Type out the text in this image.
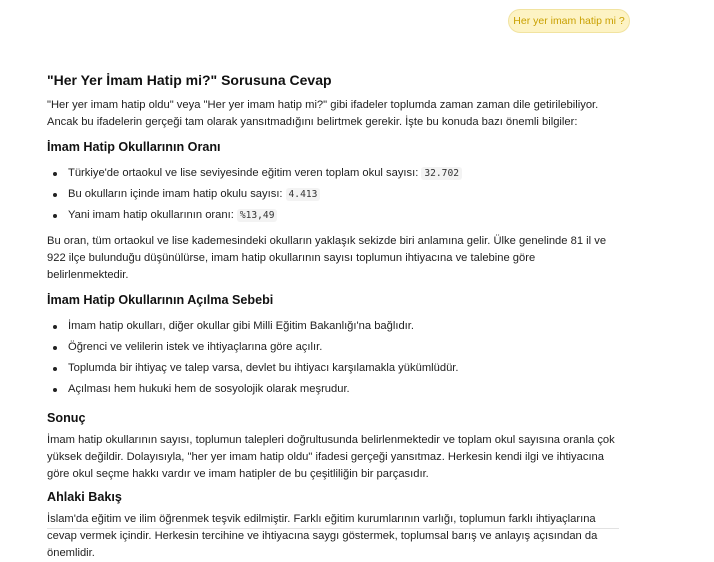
Her yer imam hatip mi ?
"Her Yer İmam Hatip mi?" Sorusuna Cevap

"Her yer imam hatip oldu" veya "Her yer imam hatip mi?" gibi ifadeler toplumda zaman zaman dile getirilebiliyor. Ancak bu ifadelerin gerçeği tam olarak yansıtmadığını belirtmek gerekir. İşte bu konuda bazı önemli bilgiler:

İmam Hatip Okullarının Oranı
Türkiye'de ortaokul ve lise seviyesinde eğitim veren toplam okul sayısı: 32.702
Bu okulların içinde imam hatip okulu sayısı: 4.413
Yani imam hatip okullarının oranı: %13,49

Bu oran, tüm ortaokul ve lise kademesindeki okulların yaklaşık sekizde biri anlamına gelir. Ülke genelinde 81 il ve 922 ilçe bulunduğu düşünülürse, imam hatip okullarının sayısı toplumun ihtiyacına ve talebine göre belirlenmektedir.

İmam Hatip Okullarının Açılma Sebebi
İmam hatip okulları, diğer okullar gibi Milli Eğitim Bakanlığı'na bağlıdır.
Öğrenci ve velilerin istek ve ihtiyaçlarına göre açılır.
Toplumda bir ihtiyaç ve talep varsa, devlet bu ihtiyacı karşılamakla yükümlüdür.
Açılması hem hukuki hem de sosyolojik olarak meşrudur.
Sonuç

İmam hatip okullarının sayısı, toplumun talepleri doğrultusunda belirlenmektedir ve toplam okul sayısına oranla çok yüksek değildir. Dolayısıyla, "her yer imam hatip oldu" ifadesi gerçeği yansıtmaz. Herkesin kendi ilgi ve ihtiyacına göre okul seçme hakkı vardır ve imam hatipler de bu çeşitliliğin bir parçasıdır.

Ahlaki Bakış

İslam'da eğitim ve ilim öğrenmek teşvik edilmiştir. Farklı eğitim kurumlarının varlığı, toplumun farklı ihtiyaçlarına cevap vermek içindir. Herkesin tercihine ve ihtiyacına saygı göstermek, toplumsal barış ve anlayış açısından da önemlidir.
